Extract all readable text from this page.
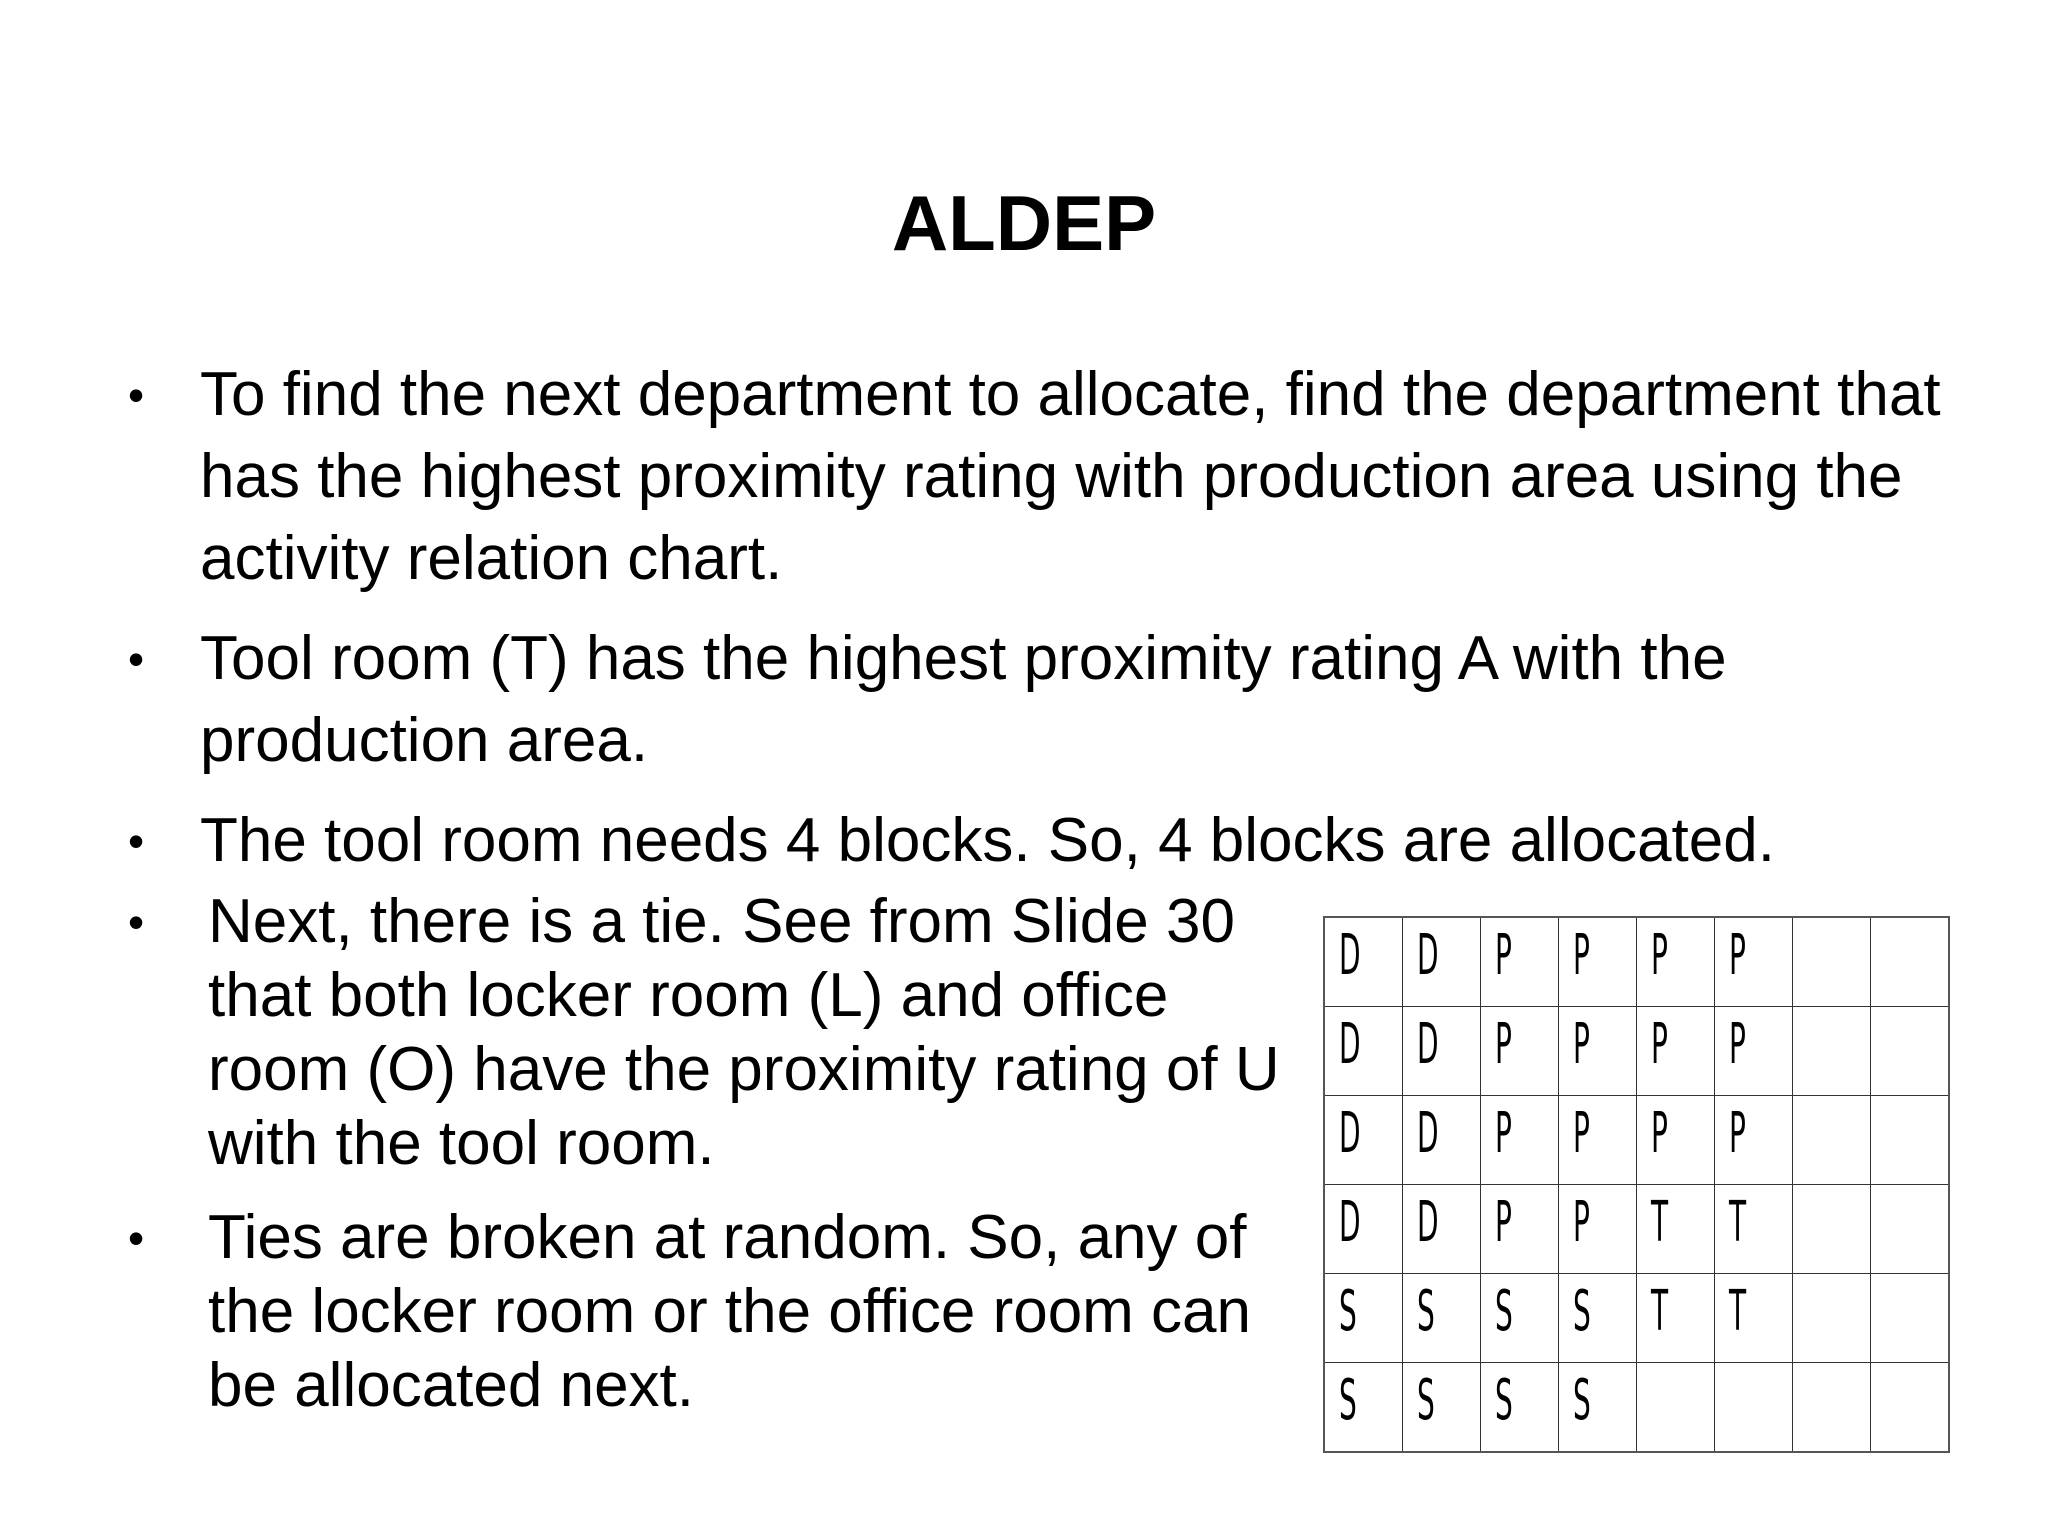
ALDEP
• To find the next department to allocate, find the department that has the highest proximity rating with production area using the activity relation chart.
• Tool room (T) has the highest proximity rating A with the production area.
• The tool room needs 4 blocks. So, 4 blocks are allocated.
• Next, there is a tie. See from Slide 30 that both locker room (L) and office room (O) have the proximity rating of U with the tool room.
• Ties are broken at random. So, any of the locker room or the office room can be allocated next.
D	D	P	P	P	P		
D	D	P	P	P	P		
D	D	P	P	P	P		
D	D	P	P	T	T		
S	S	S	S	T	T		
S	S	S	S				
